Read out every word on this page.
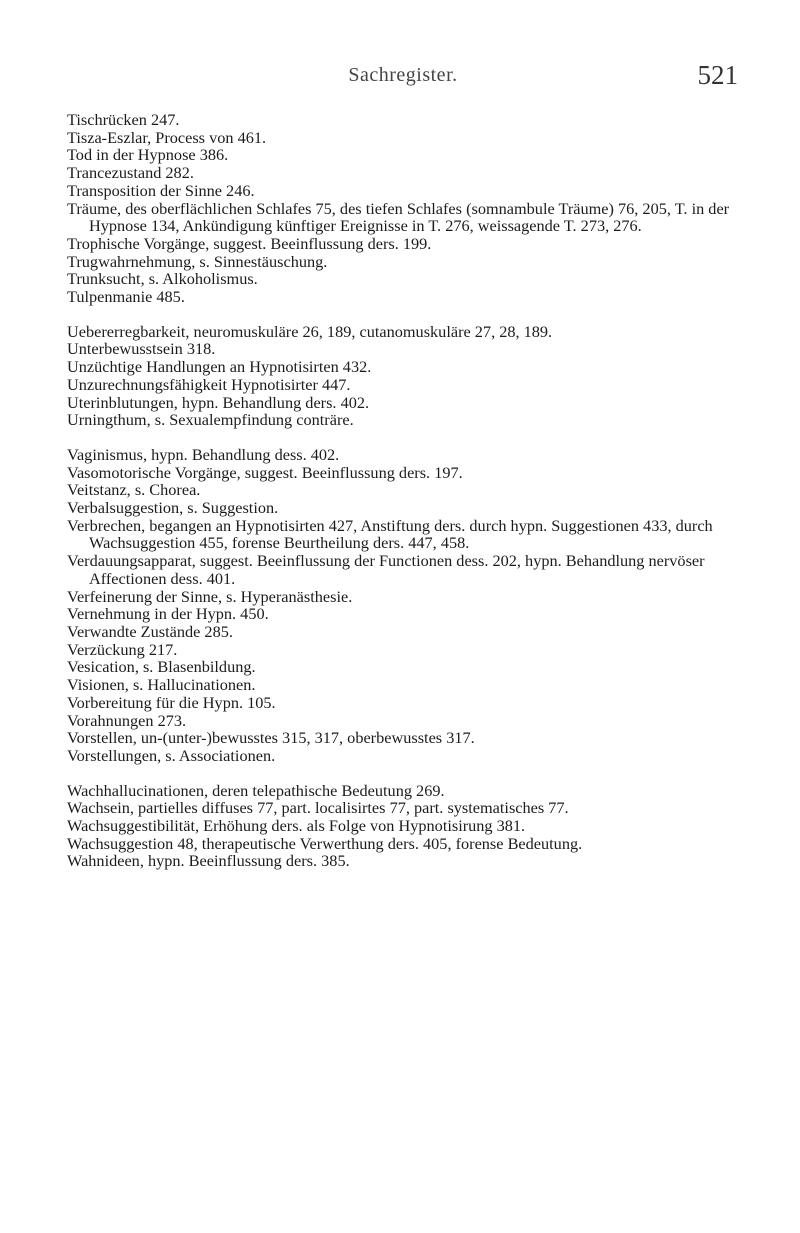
Sachregister.	521
Tischrücken 247.
Tisza-Eszlar, Process von 461.
Tod in der Hypnose 386.
Trancezustand 282.
Transposition der Sinne 246.
Träume, des oberflächlichen Schlafes 75, des tiefen Schlafes (somnambule Träume) 76, 205, T. in der Hypnose 134, Ankündigung künftiger Ereignisse in T. 276, weissagende T. 273, 276.
Trophische Vorgänge, suggest. Beeinflussung ders. 199.
Trugwahrnehmung, s. Sinnestäuschung.
Trunksucht, s. Alkoholismus.
Tulpenmanie 485.
Uebererregbarkeit, neuromuskuläre 26, 189, cutanomuskuläre 27, 28, 189.
Unterbewusstsein 318.
Unzüchtige Handlungen an Hypnotisirten 432.
Unzurechnungsfähigkeit Hypnotisirter 447.
Uterinblutungen, hypn. Behandlung ders. 402.
Urningthum, s. Sexualempfindung conträre.
Vaginismus, hypn. Behandlung dess. 402.
Vasomotorische Vorgänge, suggest. Beeinflussung ders. 197.
Veitstanz, s. Chorea.
Verbalsuggestion, s. Suggestion.
Verbrechen, begangen an Hypnotisirten 427, Anstiftung ders. durch hypn. Suggestionen 433, durch Wachsuggestion 455, forense Beurtheilung ders. 447, 458.
Verdauungsapparat, suggest. Beeinflussung der Functionen dess. 202, hypn. Behandlung nervöser Affectionen dess. 401.
Verfeinerung der Sinne, s. Hyperanästhesie.
Vernehmung in der Hypn. 450.
Verwandte Zustände 285.
Verzückung 217.
Vesication, s. Blasenbildung.
Visionen, s. Hallucinationen.
Vorbereitung für die Hypn. 105.
Vorahnungen 273.
Vorstellen, un-(unter-)bewusstes 315, 317, oberbewusstes 317.
Vorstellungen, s. Associationen.
Wachhallucinationen, deren telepathische Bedeutung 269.
Wachsein, partielles diffuses 77, part. localisirtes 77, part. systematisches 77.
Wachsuggestibilität, Erhöhung ders. als Folge von Hypnotisirung 381.
Wachsuggestion 48, therapeutische Verwerthung ders. 405, forense Bedeutung.
Wahnideen, hypn. Beeinflussung ders. 385.
